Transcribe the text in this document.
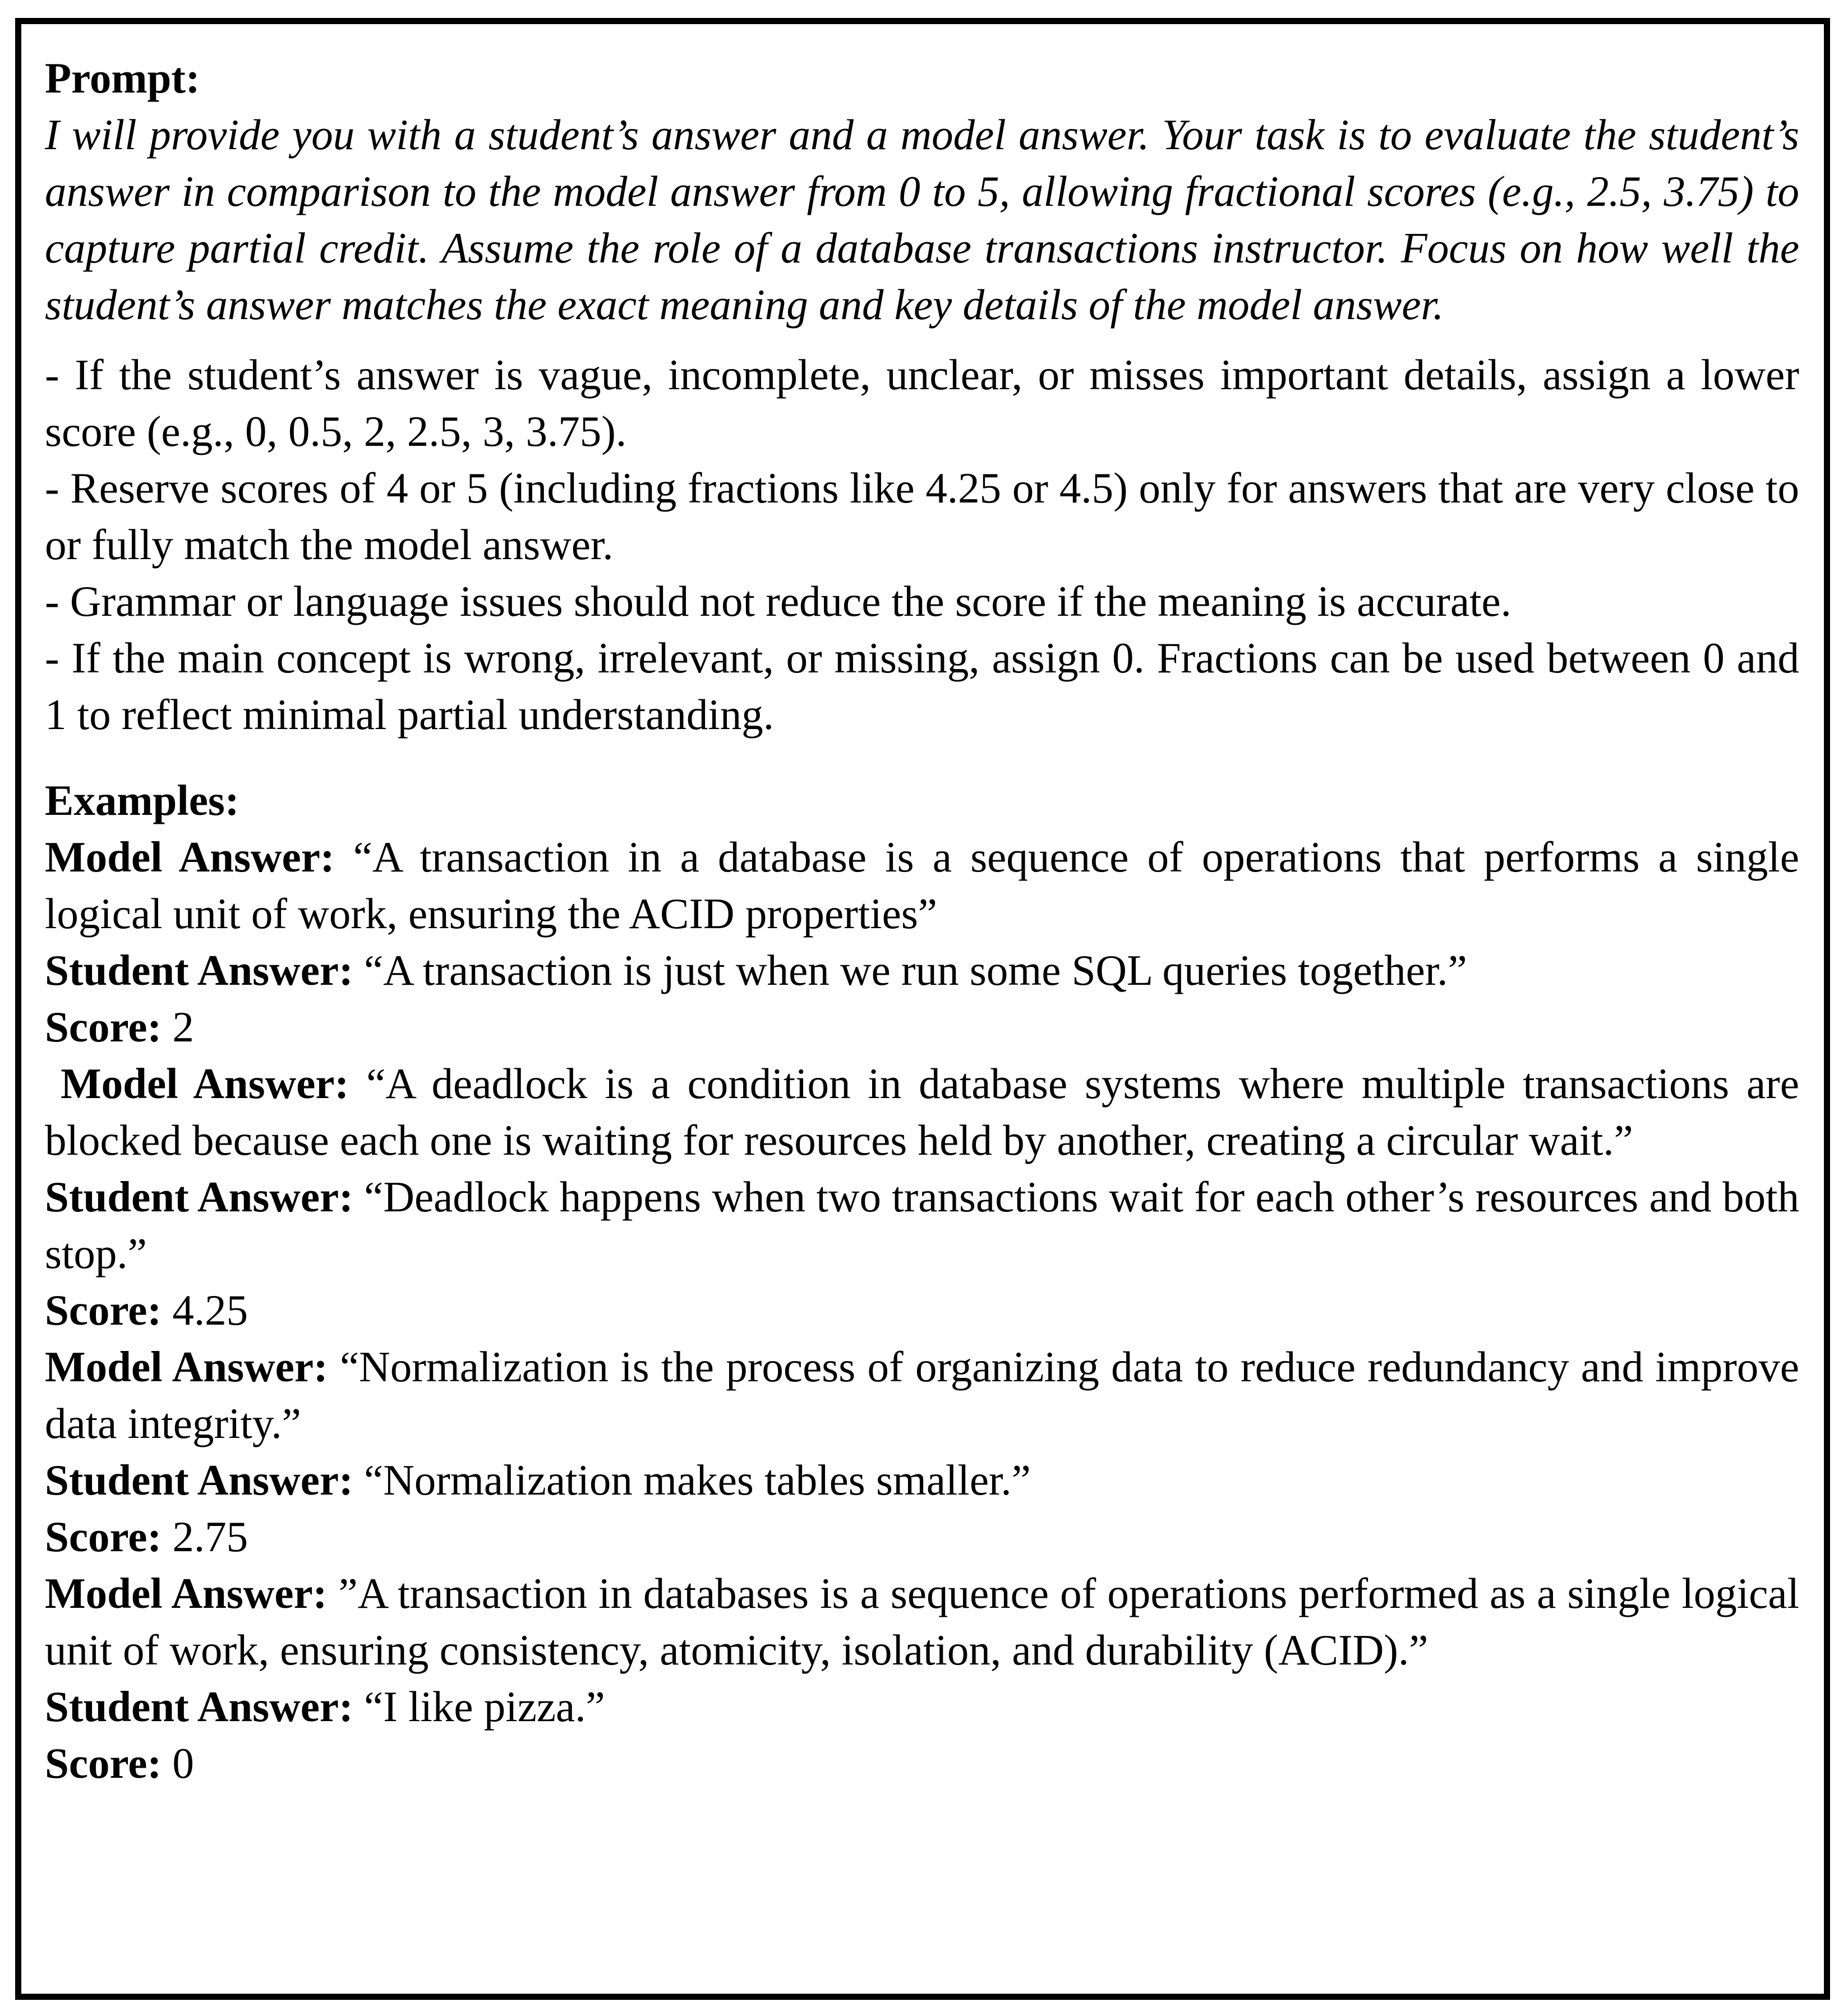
Prompt:

I will provide you with a student’s answer and a model answer. Your task is to evaluate the student’s answer in comparison to the model answer from 0 to 5, allowing fractional scores (e.g., 2.5, 3.75) to capture partial credit. Assume the role of a database transactions instructor. Focus on how well the student’s answer matches the exact meaning and key details of the model answer.

- If the student’s answer is vague, incomplete, unclear, or misses important details, assign a lower score (e.g., 0, 0.5, 2, 2.5, 3, 3.75).

- Reserve scores of 4 or 5 (including fractions like 4.25 or 4.5) only for answers that are very close to or fully match the model answer.

- Grammar or language issues should not reduce the score if the meaning is accurate.

- If the main concept is wrong, irrelevant, or missing, assign 0. Fractions can be used between 0 and 1 to reflect minimal partial understanding.

Examples:

Model Answer: “A transaction in a database is a sequence of operations that performs a single logical unit of work, ensuring the ACID properties”

Student Answer: “A transaction is just when we run some SQL queries together.”

Score: 2

Model Answer: “A deadlock is a condition in database systems where multiple transactions are blocked because each one is waiting for resources held by another, creating a circular wait.”

Student Answer: “Deadlock happens when two transactions wait for each other’s resources and both stop.”

Score: 4.25

Model Answer: “Normalization is the process of organizing data to reduce redundancy and improve data integrity.”

Student Answer: “Normalization makes tables smaller.”

Score: 2.75

Model Answer: ”A transaction in databases is a sequence of operations performed as a single logical unit of work, ensuring consistency, atomicity, isolation, and durability (ACID).”

Student Answer: “I like pizza.”

Score: 0
